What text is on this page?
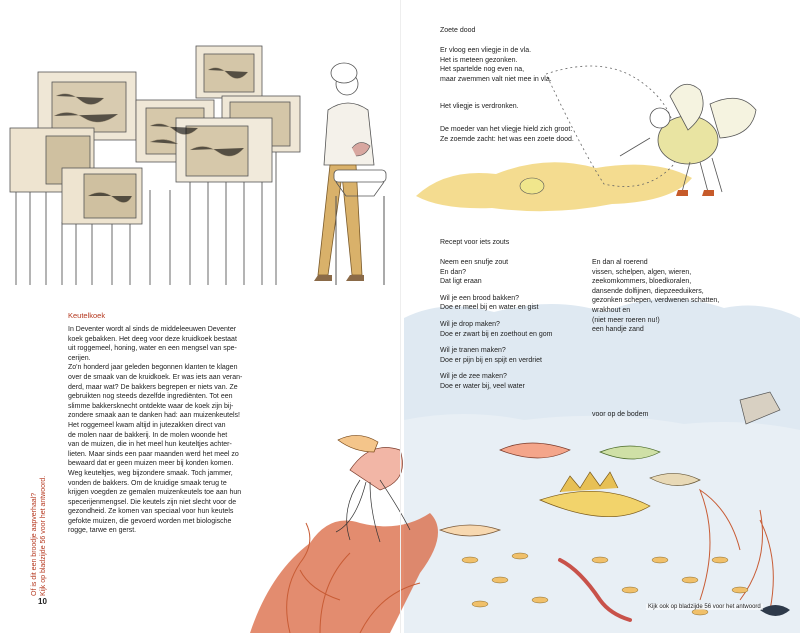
Keutelkoek
In Deventer wordt al sinds de middeleeuwen Deventer
koek gebakken. Het deeg voor deze kruidkoek bestaat
uit roggemeel, honing, water en een mengsel van spe-
cerijen.
Zo'n honderd jaar geleden begonnen klanten te klagen
over de smaak van de kruidkoek. Er was iets aan veran-
derd, maar wat? De bakkers begrepen er niets van. Ze
gebruikten nog steeds dezelfde ingrediënten. Tot een
slimme bakkersknecht ontdekte waar de koek zijn bij-
zondere smaak aan te danken had: aan muizenkeutels!
Het roggemeel kwam altijd in jutezakken direct van
de molen naar de bakkerij. In de molen woonde het
van de muizen, die in het meel hun keuteltjes achter-
lieten. Maar sinds een paar maanden werd het meel zo
bewaard dat er geen muizen meer bij konden komen.
Weg keuteltjes, weg bijzondere smaak. Toch jammer,
vonden de bakkers. Om de kruidige smaak terug te
krijgen voegden ze gemalen muizenkeutels toe aan hun
specerijenmengsel. Die keutels zijn niet slecht voor de
gezondheid. Ze komen van speciaal voor hun keutels
gefokte muizen, die gevoerd worden met biologische
rogge, tarwe en gerst.
Of is dit een broodje aapverhaal? Kijk op bladzijde 56 voor het antwoord.
10
Zoete dood
Er vloog een vliegje in de vla.
Het is meteen gezonken.
Het spartelde nog even na,
maar zwemmen valt niet mee in vla.
Het vliegje is verdronken.
De moeder van het vliegje hield zich groot.
Ze zoemde zacht: het was een zoete dood.
Recept voor iets zouts
Neem een snufje zout
En dan?
Dat ligt eraan
Wil je een brood bakken?
Doe er meel bij en water en gist
Wil je drop maken?
Doe er zwart bij en zoethout en gom
Wil je tranen maken?
Doe er pijn bij en spijt en verdriet
Wil je de zee maken?
Doe er water bij, veel water
En dan al roerend
vissen, schelpen, algen, wieren,
zeekomkommers, bloedkoralen,
dansende dolfijnen, diepzeeduikers,
gezonken schepen, verdwenen schatten,
wrakhout en
(niet meer roeren nu!)
een handje zand
voor op de bodem
Kijk ook op bladzijde 56 voor het antwoord
